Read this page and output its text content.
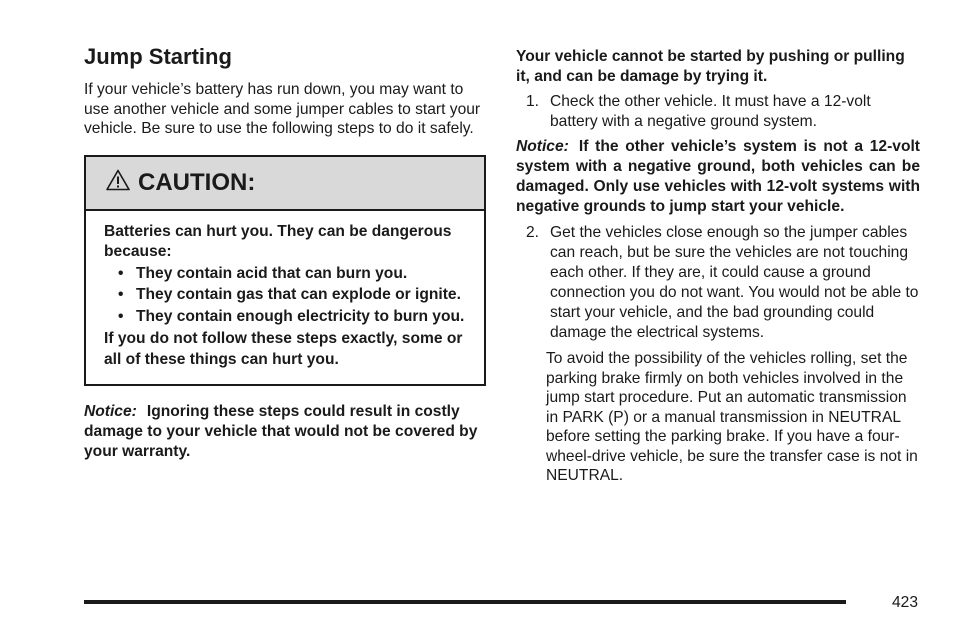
Jump Starting

If your vehicle’s battery has run down, you may want to use another vehicle and some jumper cables to start your vehicle. Be sure to use the following steps to do it safely.

CAUTION:

Batteries can hurt you. They can be dangerous because:

• They contain acid that can burn you.
• They contain gas that can explode or ignite.
• They contain enough electricity to burn you.

If you do not follow these steps exactly, some or all of these things can hurt you.

Notice: Ignoring these steps could result in costly damage to your vehicle that would not be covered by your warranty.

Your vehicle cannot be started by pushing or pulling it, and can be damage by trying it.

1. Check the other vehicle. It must have a 12-volt battery with a negative ground system.

Notice: If the other vehicle’s system is not a 12-volt system with a negative ground, both vehicles can be damaged. Only use vehicles with 12-volt systems with negative grounds to jump start your vehicle.

2. Get the vehicles close enough so the jumper cables can reach, but be sure the vehicles are not touching each other. If they are, it could cause a ground connection you do not want. You would not be able to start your vehicle, and the bad grounding could damage the electrical systems.

To avoid the possibility of the vehicles rolling, set the parking brake firmly on both vehicles involved in the jump start procedure. Put an automatic transmission in PARK (P) or a manual transmission in NEUTRAL before setting the parking brake. If you have a four-wheel-drive vehicle, be sure the transfer case is not in NEUTRAL.

423
